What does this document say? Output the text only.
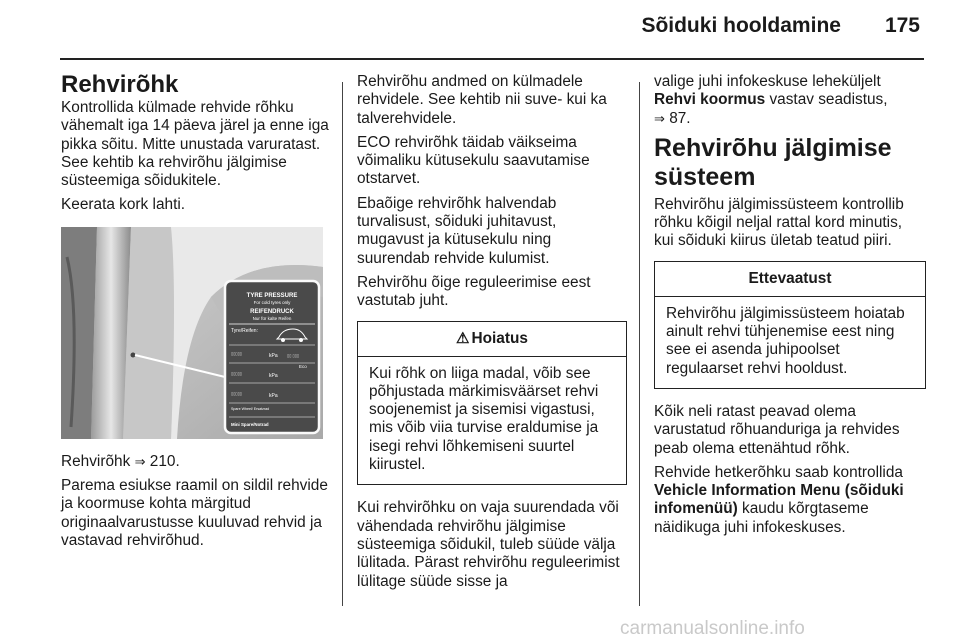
Sõiduki hooldamine 175
Rehvirõhk

Kontrollida külmade rehvide rõhku vähemalt iga 14 päeva järel ja enne iga pikka sõitu. Mitte unustada varuratast. See kehtib ka rehvirõhu jälgimise süsteemiga sõidukitele.

Keerata kork lahti.

TYRE PRESSURE
For cold tyres only
REIFENDRUCK
Nur für kalte Reifen
Tyre/Reifen:
▯▯▯▯▯	kPa ▯▯ ▯▯▯
▯▯▯▯▯
Eco
kPa
▯▯▯▯▯	kPa
Spare Wheel/ Ersatzrad
Mini Spare/Notrad

Rehvirõhk ⇒ 210.

Parema esiukse raamil on sildil rehvide ja koormuse kohta märgitud originaalvarustusse kuuluvad rehvid ja vastavad rehvirõhud.

Rehvirõhu andmed on külmadele rehvidele. See kehtib nii suve- kui ka talverehvidele.

ECO rehvirõhk täidab väikseima võimaliku kütusekulu saavutamise otstarvet.

Ebaõige rehvirõhk halvendab turvalisust, sõiduki juhitavust, mugavust ja kütusekulu ning suurendab rehvide kulumist.

Rehvirõhu õige reguleerimise eest vastutab juht.

⚠ Hoiatus
Kui rõhk on liiga madal, võib see põhjustada märkimisväärset rehvi soojenemist ja sisemisi vigastusi, mis võib viia turvise eraldumise ja isegi rehvi lõhkemiseni suurtel kiirustel.

Kui rehvirõhku on vaja suurendada või vähendada rehvirõhu jälgimise süsteemiga sõidukil, tuleb süüde välja lülitada. Pärast rehvirõhu reguleerimist lülitage süüde sisse ja

valige juhi infokeskuse leheküljelt Rehvi koormus vastav seadistus,
⇒ 87.

Rehvirõhu jälgimise süsteem

Rehvirõhu jälgimissüsteem kontrollib rõhku kõigil neljal rattal kord minutis, kui sõiduki kiirus ületab teatud piiri.

Ettevaatust
Rehvirõhu jälgimissüsteem hoiatab ainult rehvi tühjenemise eest ning see ei asenda juhipoolset regulaarset rehvi hooldust.

Kõik neli ratast peavad olema varustatud rõhuanduriga ja rehvides peab olema ettenähtud rõhk.

Rehvide hetkerõhku saab kontrollida Vehicle Information Menu (sõiduki infomenüü) kaudu kõrgtaseme näidikuga juhi infokeskuses.

carmanualsonline.info
